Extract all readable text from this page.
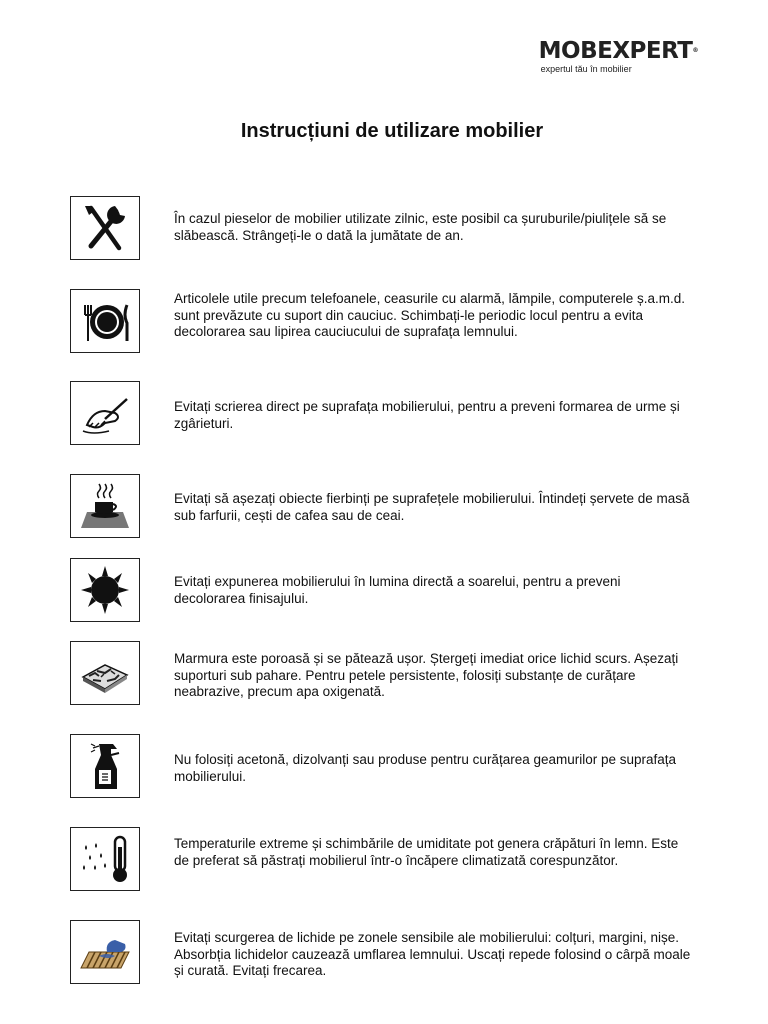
MOBEXPERT®
expertul tău în mobilier
Instrucțiuni de utilizare mobilier
În cazul pieselor de mobilier utilizate zilnic, este posibil ca șuruburile/piulițele să se slăbească. Strângeți-le o dată la jumătate de an.
Articolele utile precum telefoanele, ceasurile cu alarmă, lămpile, computerele ș.a.m.d. sunt prevăzute cu suport din cauciuc. Schimbați-le periodic locul pentru a evita decolorarea sau lipirea cauciucului de suprafața lemnului.
Evitați scrierea direct pe suprafața mobilierului, pentru a preveni formarea de urme și zgârieturi.
Evitați să așezați obiecte fierbinți pe suprafețele mobilierului. Întindeți șervete de masă sub farfurii, cești de cafea sau de ceai.
Evitați expunerea mobilierului în lumina directă a soarelui, pentru a preveni decolorarea finisajului.
Marmura este poroasă și se pătează ușor. Ștergeți imediat orice lichid scurs. Așezați suporturi sub pahare. Pentru petele persistente, folosiți substanțe de curățare neabrazive, precum apa oxigenată.
Nu folosiți acetonă, dizolvanți sau produse pentru curățarea geamurilor pe suprafața mobilierului.
Temperaturile extreme și schimbările de umiditate pot genera crăpături în lemn. Este de preferat să păstrați mobilierul într-o încăpere climatizată corespunzător.
Evitați scurgerea de lichide pe zonele sensibile ale mobilierului: colțuri, margini, nișe. Absorbția lichidelor cauzează umflarea lemnului. Uscați repede folosind o cârpă moale și curată. Evitați frecarea.
